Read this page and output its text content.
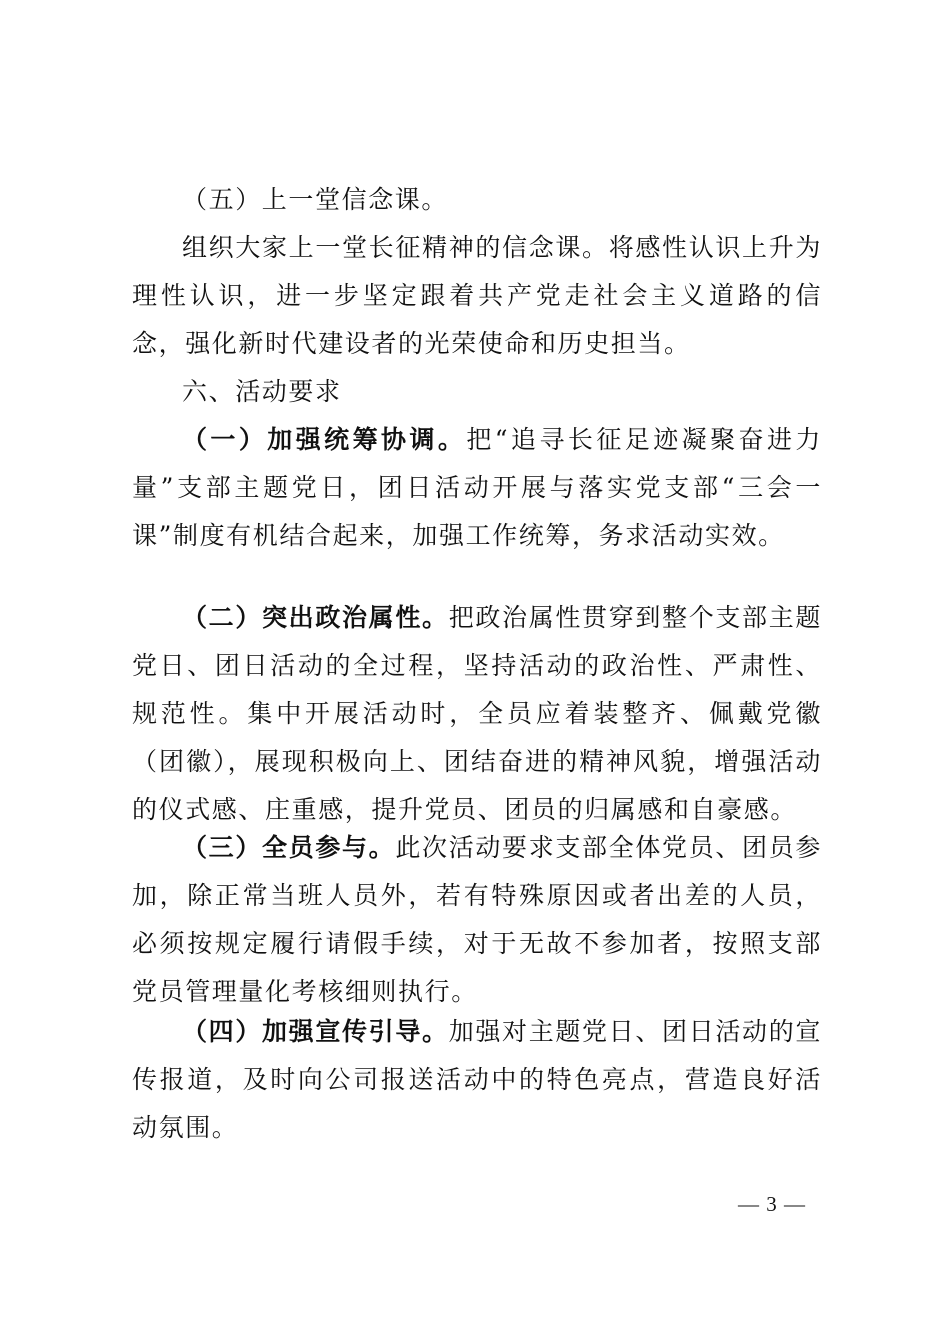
（五）上一堂信念课。

组织大家上一堂长征精神的信念课。将感性认识上升为理性认识，进一步坚定跟着共产党走社会主义道路的信念，强化新时代建设者的光荣使命和历史担当。

六、活动要求

（一）加强统筹协调。把“追寻长征足迹凝聚奋进力量”支部主题党日，团日活动开展与落实党支部“三会一课”制度有机结合起来，加强工作统筹，务求活动实效。

（二）突出政治属性。把政治属性贯穿到整个支部主题党日、团日活动的全过程，坚持活动的政治性、严肃性、规范性。集中开展活动时，全员应着装整齐、佩戴党徽（团徽），展现积极向上、团结奋进的精神风貌，增强活动的仪式感、庄重感，提升党员、团员的归属感和自豪感。

（三）全员参与。此次活动要求支部全体党员、团员参加，除正常当班人员外，若有特殊原因或者出差的人员，必须按规定履行请假手续，对于无故不参加者，按照支部党员管理量化考核细则执行。

（四）加强宣传引导。加强对主题党日、团日活动的宣传报道，及时向公司报送活动中的特色亮点，营造良好活动氛围。

— 3 —
